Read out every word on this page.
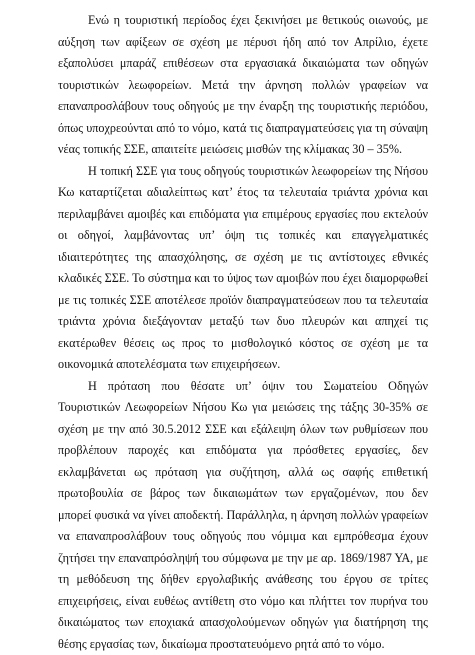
Ενώ η τουριστική περίοδος έχει ξεκινήσει με θετικούς οιωνούς, με αύξηση των αφίξεων σε σχέση με πέρυσι ήδη από τον Απρίλιο, έχετε εξαπολύσει μπαράζ επιθέσεων στα εργασιακά δικαιώματα των οδηγών τουριστικών λεωφορείων. Μετά την άρνηση πολλών γραφείων να επαναπροσλάβουν τους οδηγούς με την έναρξη της τουριστικής περιόδου, όπως υποχρεούνται από το νόμο, κατά τις διαπραγματεύσεις για τη σύναψη νέας τοπικής ΣΣΕ, απαιτείτε μειώσεις μισθών της κλίμακας 30 – 35%.

Η τοπική ΣΣΕ για τους οδηγούς τουριστικών λεωφορείων της Νήσου Κω καταρτίζεται αδιαλείπτως κατ’ έτος τα τελευταία τριάντα χρόνια και περιλαμβάνει αμοιβές και επιδόματα για επιμέρους εργασίες που εκτελούν οι οδηγοί, λαμβάνοντας υπ’ όψη τις τοπικές και επαγγελματικές ιδιαιτερότητες της απασχόλησης, σε σχέση με τις αντίστοιχες εθνικές κλαδικές ΣΣΕ. Το σύστημα και το ύψος των αμοιβών που έχει διαμορφωθεί με τις τοπικές ΣΣΕ αποτέλεσε προϊόν διαπραγματεύσεων που τα τελευταία τριάντα χρόνια διεξάγονταν μεταξύ των δυο πλευρών και απηχεί τις εκατέρωθεν θέσεις ως προς το μισθολογικό κόστος σε σχέση με τα οικονομικά αποτελέσματα των επιχειρήσεων.

Η πρόταση που θέσατε υπ’ όψιν του Σωματείου Οδηγών Τουριστικών Λεωφορείων Νήσου Κω για μειώσεις της τάξης 30-35% σε σχέση με την από 30.5.2012 ΣΣΕ και εξάλειψη όλων των ρυθμίσεων που προβλέπουν παροχές και επιδόματα για πρόσθετες εργασίες, δεν εκλαμβάνεται ως πρόταση για συζήτηση, αλλά ως σαφής επιθετική πρωτοβουλία σε βάρος των δικαιωμάτων των εργαζομένων, που δεν μπορεί φυσικά να γίνει αποδεκτή. Παράλληλα, η άρνηση πολλών γραφείων να επαναπροσλάβουν τους οδηγούς που νόμιμα και εμπρόθεσμα έχουν ζητήσει την επαναπρόσληψή του σύμφωνα με την με αρ. 1869/1987 ΥΑ, με τη μεθόδευση της δήθεν εργολαβικής ανάθεσης του έργου σε τρίτες επιχειρήσεις, είναι ευθέως αντίθετη στο νόμο και πλήττει τον πυρήνα του δικαιώματος των εποχιακά απασχολούμενων οδηγών για διατήρηση της θέσης εργασίας των, δικαίωμα προστατευόμενο ρητά από το νόμο.
